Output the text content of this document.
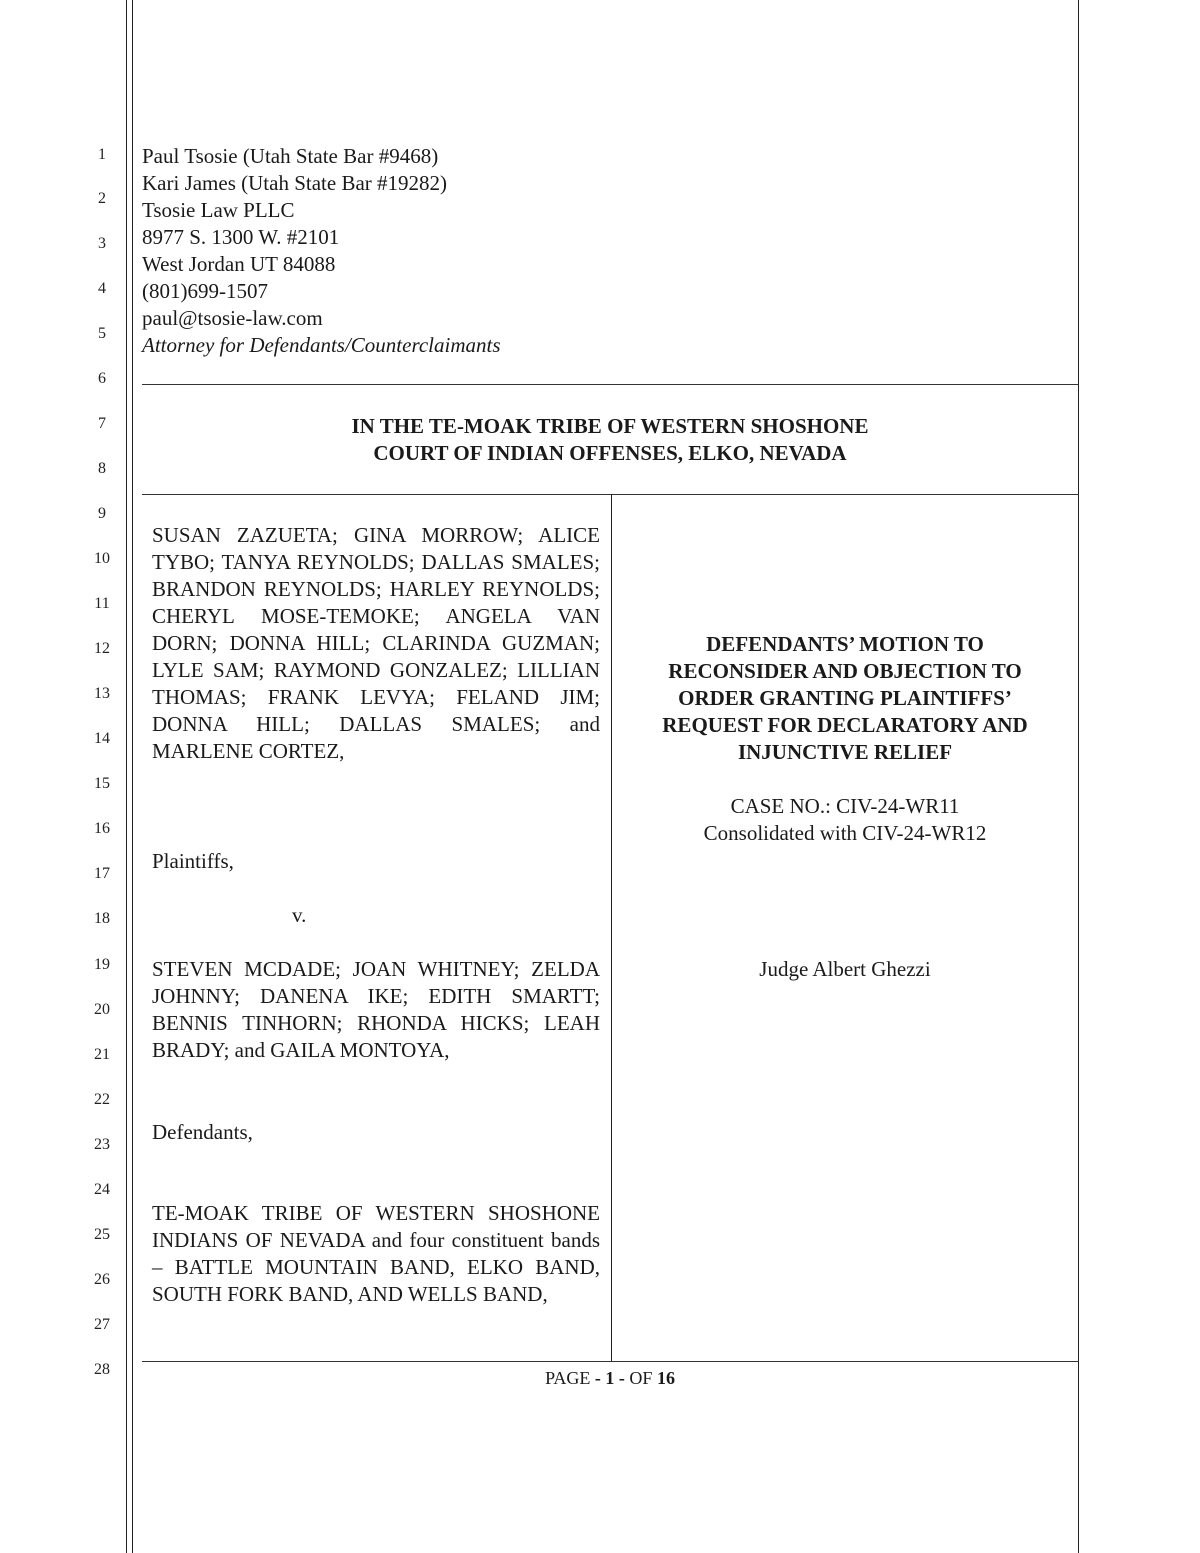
1
2
3
4
5
6
7
8
9
10
11
12
13
14
15
16
17
18
19
20
21
22
23
24
25
26
27
28
Paul Tsosie (Utah State Bar #9468)
Kari James (Utah State Bar #19282)
Tsosie Law PLLC
8977 S. 1300 W. #2101
West Jordan UT 84088
(801)699-1507
paul@tsosie-law.com
Attorney for Defendants/Counterclaimants
IN THE TE-MOAK TRIBE OF WESTERN SHOSHONE
COURT OF INDIAN OFFENSES, ELKO, NEVADA
SUSAN ZAZUETA; GINA MORROW; ALICE TYBO; TANYA REYNOLDS; DALLAS SMALES; BRANDON REYNOLDS; HARLEY REYNOLDS; CHERYL MOSE-TEMOKE; ANGELA VAN DORN; DONNA HILL; CLARINDA GUZMAN; LYLE SAM; RAYMOND GONZALEZ; LILLIAN THOMAS; FRANK LEVYA; FELAND JIM; DONNA HILL; DALLAS SMALES; and MARLENE CORTEZ,
Plaintiffs,
v.
STEVEN MCDADE; JOAN WHITNEY; ZELDA JOHNNY; DANENA IKE; EDITH SMARTT; BENNIS TINHORN; RHONDA HICKS; LEAH BRADY; and GAILA MONTOYA,
Defendants,
TE-MOAK TRIBE OF WESTERN SHOSHONE INDIANS OF NEVADA and four constituent bands – BATTLE MOUNTAIN BAND, ELKO BAND, SOUTH FORK BAND, AND WELLS BAND,
DEFENDANTS’ MOTION TO
RECONSIDER AND OBJECTION TO
ORDER GRANTING PLAINTIFFS’
REQUEST FOR DECLARATORY AND
INJUNCTIVE RELIEF
CASE NO.: CIV-24-WR11
Consolidated with CIV-24-WR12
Judge Albert Ghezzi
PAGE - 1 - OF 16
